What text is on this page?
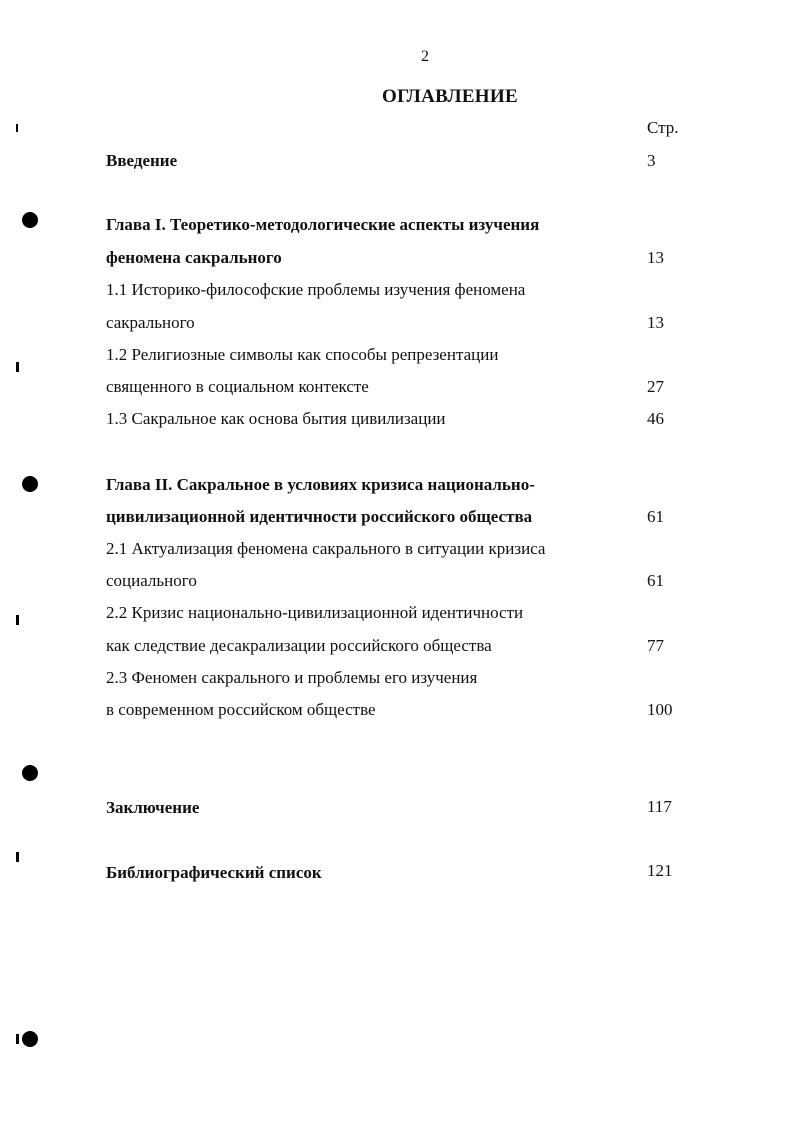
2
ОГЛАВЛЕНИЕ
Стр.
Введение	3
Глава I. Теоретико-методологические аспекты изучения
феномена сакрального	13
1.1 Историко-философские проблемы изучения феномена
сакрального	13
1.2 Религиозные символы как способы репрезентации
священного в социальном контексте	27
1.3 Сакральное как основа бытия цивилизации	46
Глава II. Сакральное в условиях кризиса национально-
цивилизационной идентичности российского общества	61
2.1 Актуализация феномена сакрального в ситуации кризиса
социального	61
2.2 Кризис национально-цивилизационной идентичности
как следствие десакрализации российского общества	77
2.3 Феномен сакрального и проблемы его изучения
в современном российском обществе	100
Заключение	117
Библиографический список	121
